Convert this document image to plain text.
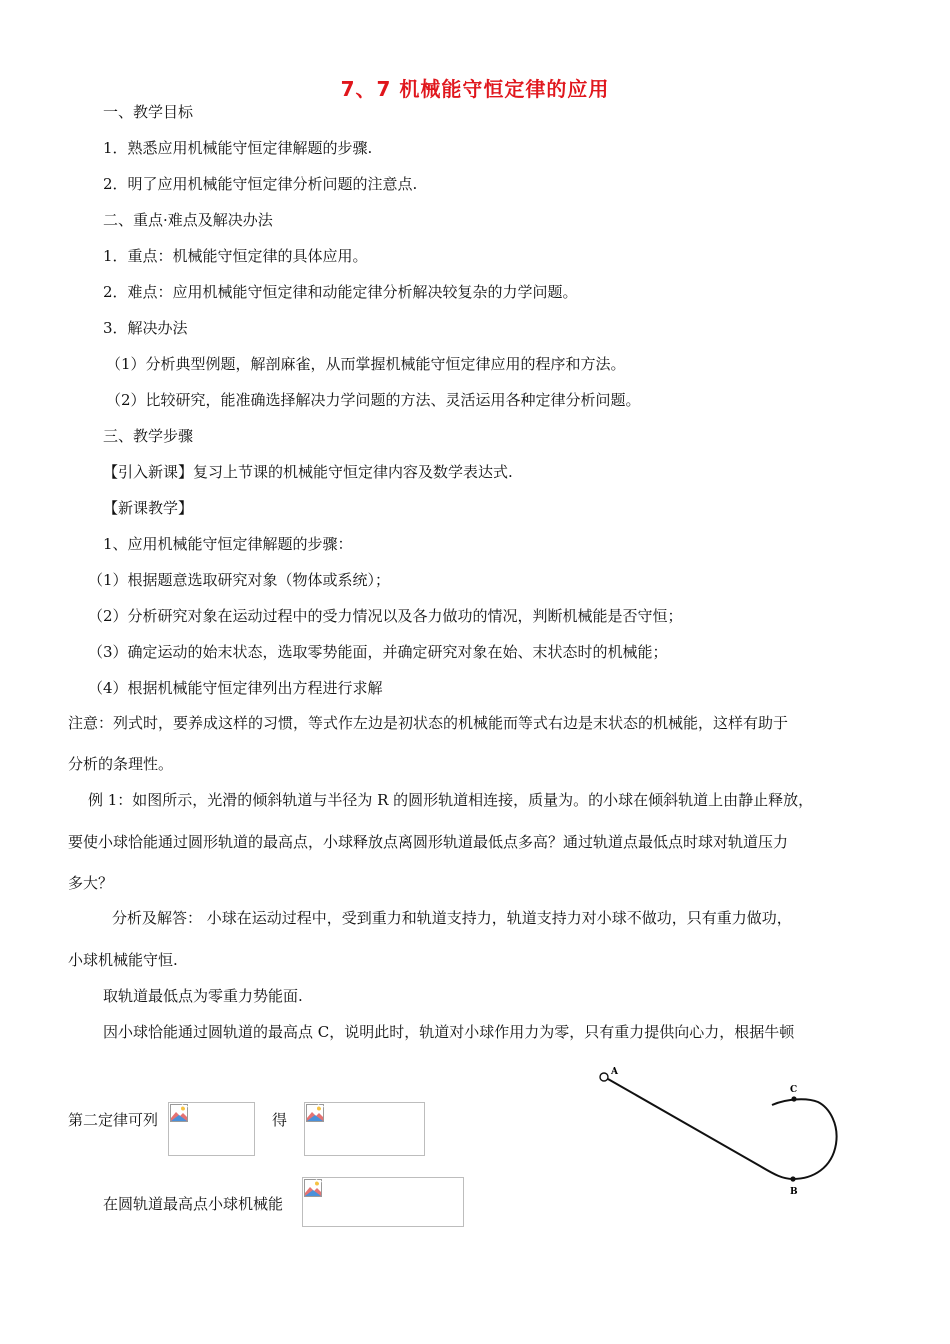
7、7 机械能守恒定律的应用
一、教学目标
1．熟悉应用机械能守恒定律解题的步骤.
2．明了应用机械能守恒定律分析问题的注意点.
二、重点·难点及解决办法
1．重点：机械能守恒定律的具体应用。
2．难点：应用机械能守恒定律和动能定律分析解决较复杂的力学问题。
3．解决办法
（1）分析典型例题，解剖麻雀，从而掌握机械能守恒定律应用的程序和方法。
（2）比较研究，能准确选择解决力学问题的方法、灵活运用各种定律分析问题。
三、教学步骤
【引入新课】复习上节课的机械能守恒定律内容及数学表达式.
【新课教学】
1、应用机械能守恒定律解题的步骤：
（1）根据题意选取研究对象（物体或系统）；
（2）分析研究对象在运动过程中的受力情况以及各力做功的情况，判断机械能是否守恒；
（3）确定运动的始末状态，选取零势能面，并确定研究对象在始、末状态时的机械能；
（4）根据机械能守恒定律列出方程进行求解
注意：列式时，要养成这样的习惯，等式作左边是初状态的机械能而等式右边是末状态的机械能，这样有助于
分析的条理性。
例 1：如图所示，光滑的倾斜轨道与半径为 R 的圆形轨道相连接，质量为。的小球在倾斜轨道上由静止释放，
要使小球恰能通过圆形轨道的最高点，小球释放点离圆形轨道最低点多高？通过轨道点最低点时球对轨道压力
多大？
分析及解答： 小球在运动过程中，受到重力和轨道支持力，轨道支持力对小球不做功，只有重力做功，
小球机械能守恒.
取轨道最低点为零重力势能面.
因小球恰能通过圆轨道的最高点 C，说明此时，轨道对小球作用力为零，只有重力提供向心力，根据牛顿
第二定律可列	得
在圆轨道最高点小球机械能
A
C
B
